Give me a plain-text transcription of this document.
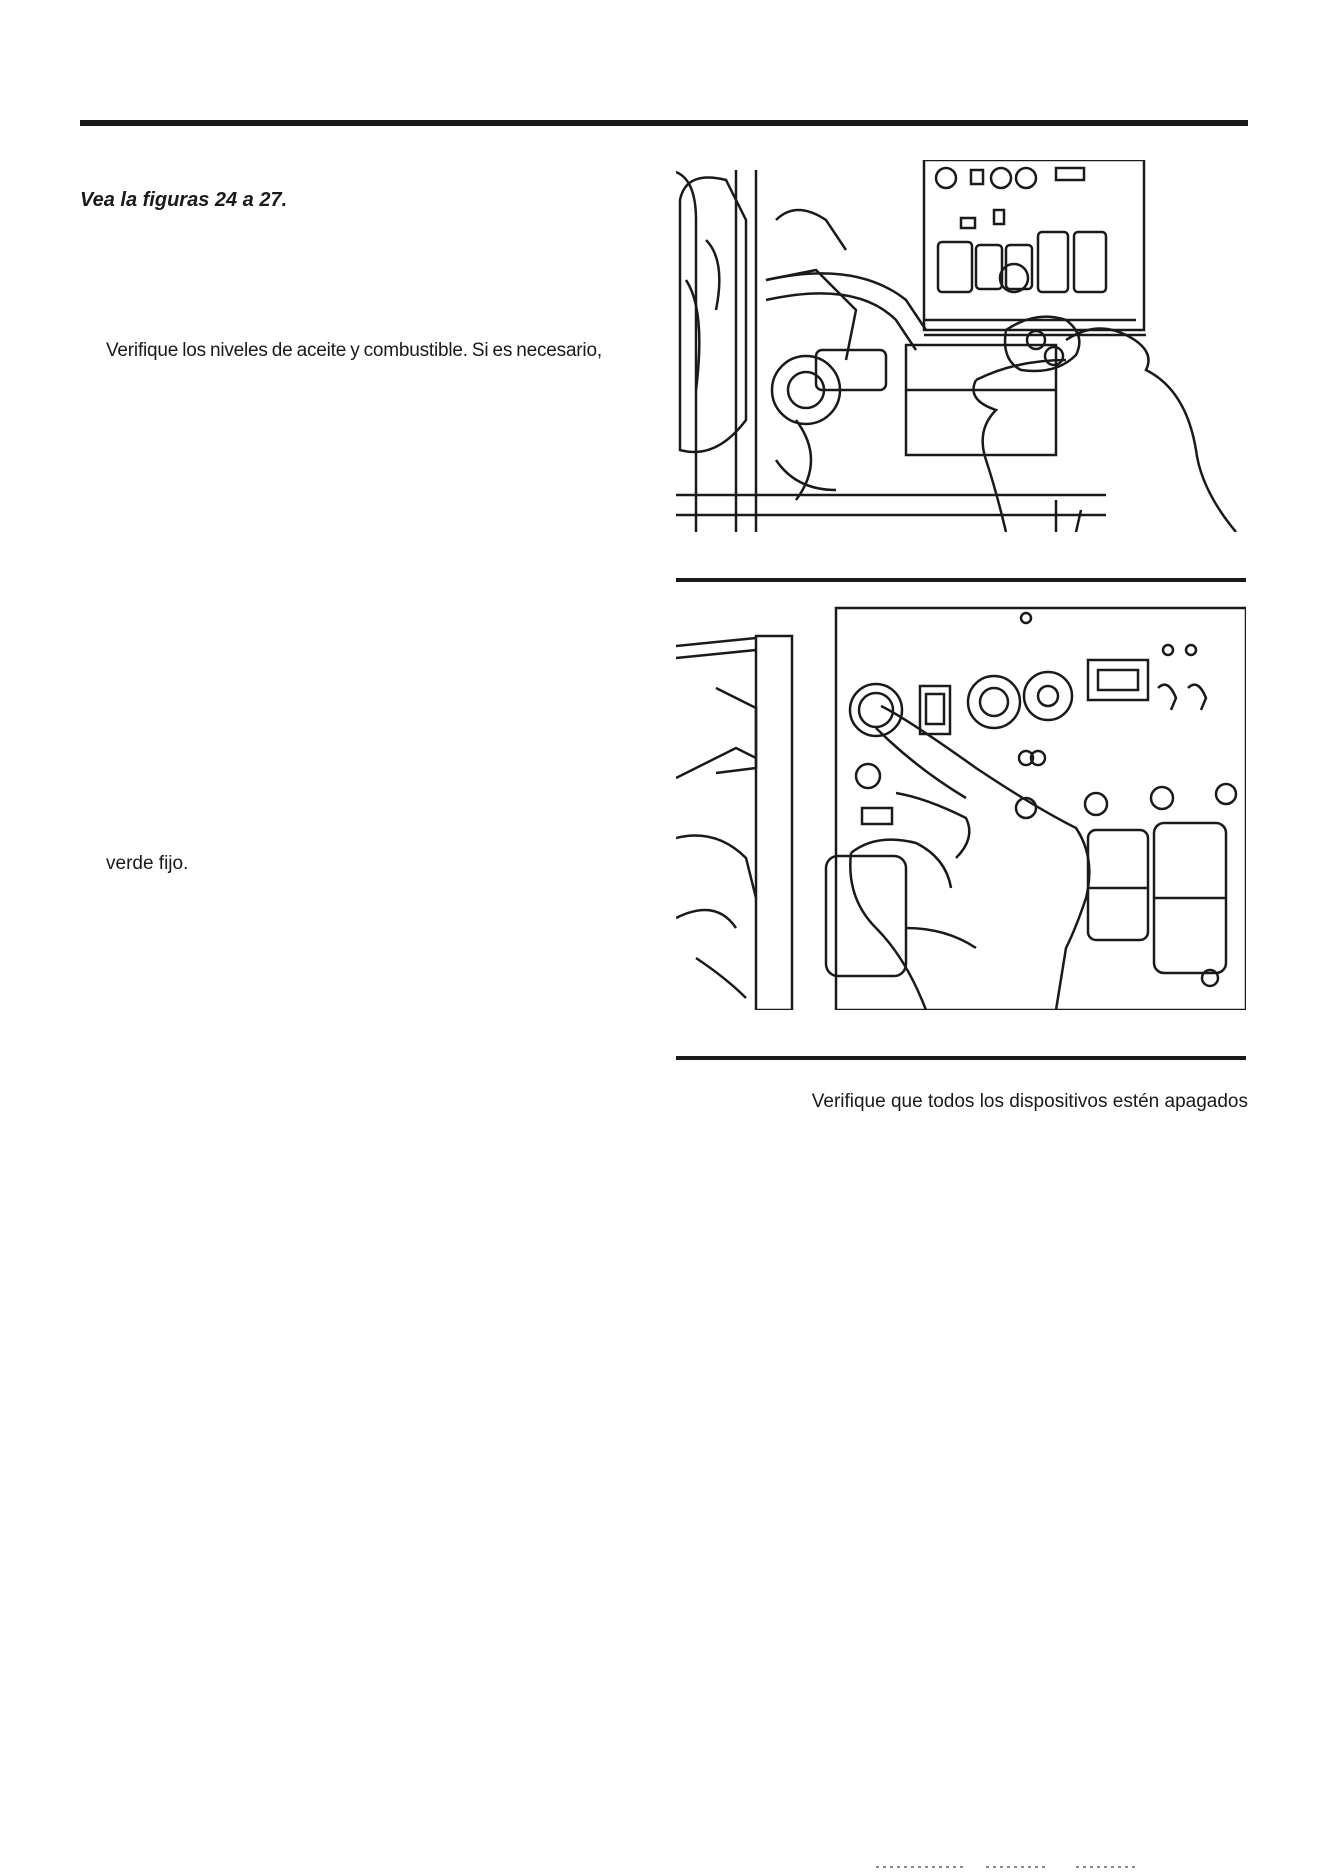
Vea la figuras 24 a 27.
Verifique los niveles de aceite y combustible. Si es necesario,
verde fijo.
Verifique que todos los dispositivos estén apagados
